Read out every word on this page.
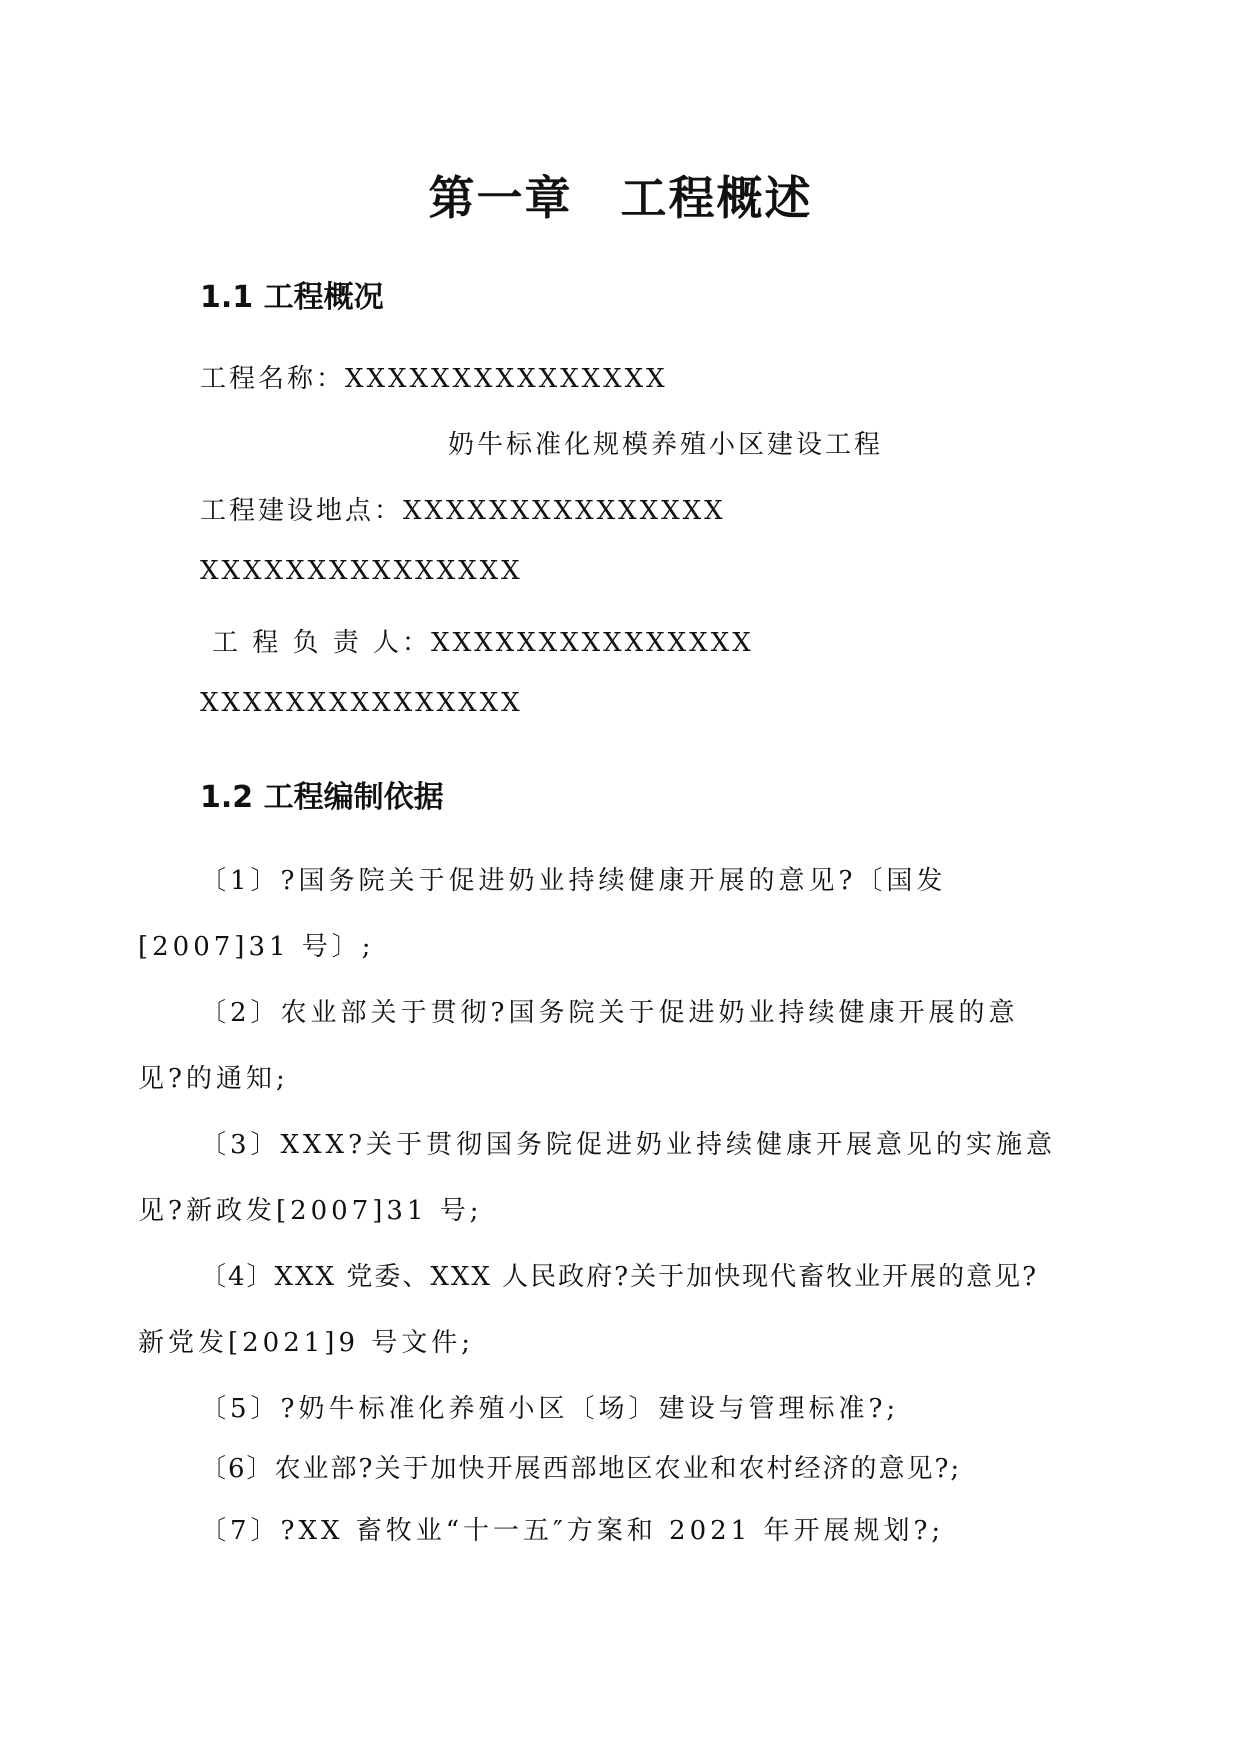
第一章　工程概述
1.1 工程概况
工程名称：XXXXXXXXXXXXXXX
奶牛标准化规模养殖小区建设工程
工程建设地点：XXXXXXXXXXXXXXX
XXXXXXXXXXXXXXX
工 程 负 责 人：XXXXXXXXXXXXXXX
XXXXXXXXXXXXXXX
1.2 工程编制依据
〔1〕?国务院关于促进奶业持续健康开展的意见?〔国发
[2007]31 号〕;
〔2〕农业部关于贯彻?国务院关于促进奶业持续健康开展的意
见?的通知;
〔3〕XXX?关于贯彻国务院促进奶业持续健康开展意见的实施意
见?新政发[2007]31 号;
〔4〕XXX 党委、XXX 人民政府?关于加快现代畜牧业开展的意见?
新党发[2021]9 号文件;
〔5〕?奶牛标准化养殖小区〔场〕建设与管理标准?;
〔6〕农业部?关于加快开展西部地区农业和农村经济的意见?;
〔7〕?XX 畜牧业“十一五″方案和 2021 年开展规划?;
